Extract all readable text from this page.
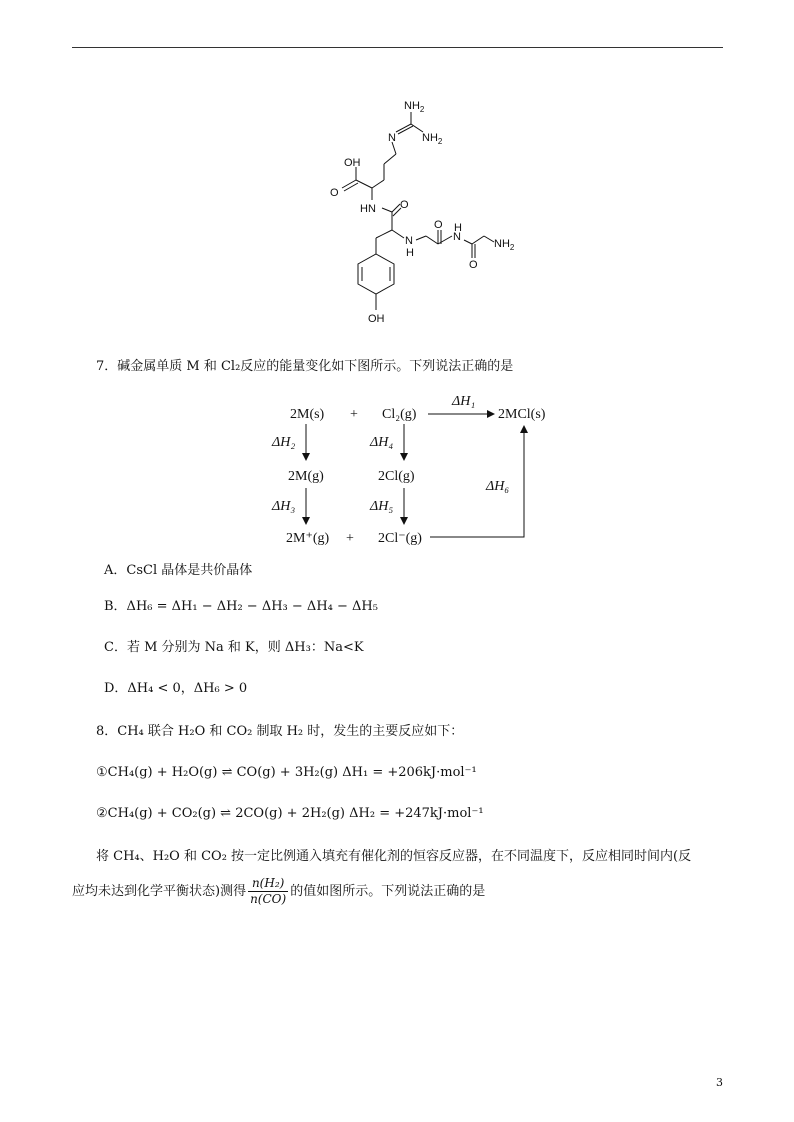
$NH_2$
N $NH_2$
OH
O
HN O
N
H
O
N
H
O
$NH_2$
OH
7．碱金属单质 M 和 Cl₂反应的能量变化如下图所示。下列说法正确的是
2M(s) + Cl₂(g)	2MCl(s)
ΔH₁
ΔH₂	ΔH₄
2M(g)	2Cl(g)
ΔH₃	ΔH₅
2M⁺(g) + 2Cl⁻(g)
ΔH₆
A．CsCl 晶体是共价晶体
B．ΔH₆ = ΔH₁ − ΔH₂ − ΔH₃ − ΔH₄ − ΔH₅
C．若 M 分别为 Na 和 K，则 ΔH₃：Na<K
D．ΔH₄ < 0，ΔH₆ > 0
8．CH₄ 联合 H₂O 和 CO₂ 制取 H₂ 时，发生的主要反应如下：
①CH₄(g) + H₂O(g) ⇌ CO(g) + 3H₂(g) ΔH₁ = +206kJ·mol⁻¹
②CH₄(g) + CO₂(g) ⇌ 2CO(g) + 2H₂(g) ΔH₂ = +247kJ·mol⁻¹
将 CH₄、H₂O 和 CO₂ 按一定比例通入填充有催化剂的恒容反应器，在不同温度下，反应相同时间内(反
应均未达到化学平衡状态)测得 $\frac{\text{n(H₂)}}{n(CO)}$ 的值如图所示。下列说法正确的是
3
